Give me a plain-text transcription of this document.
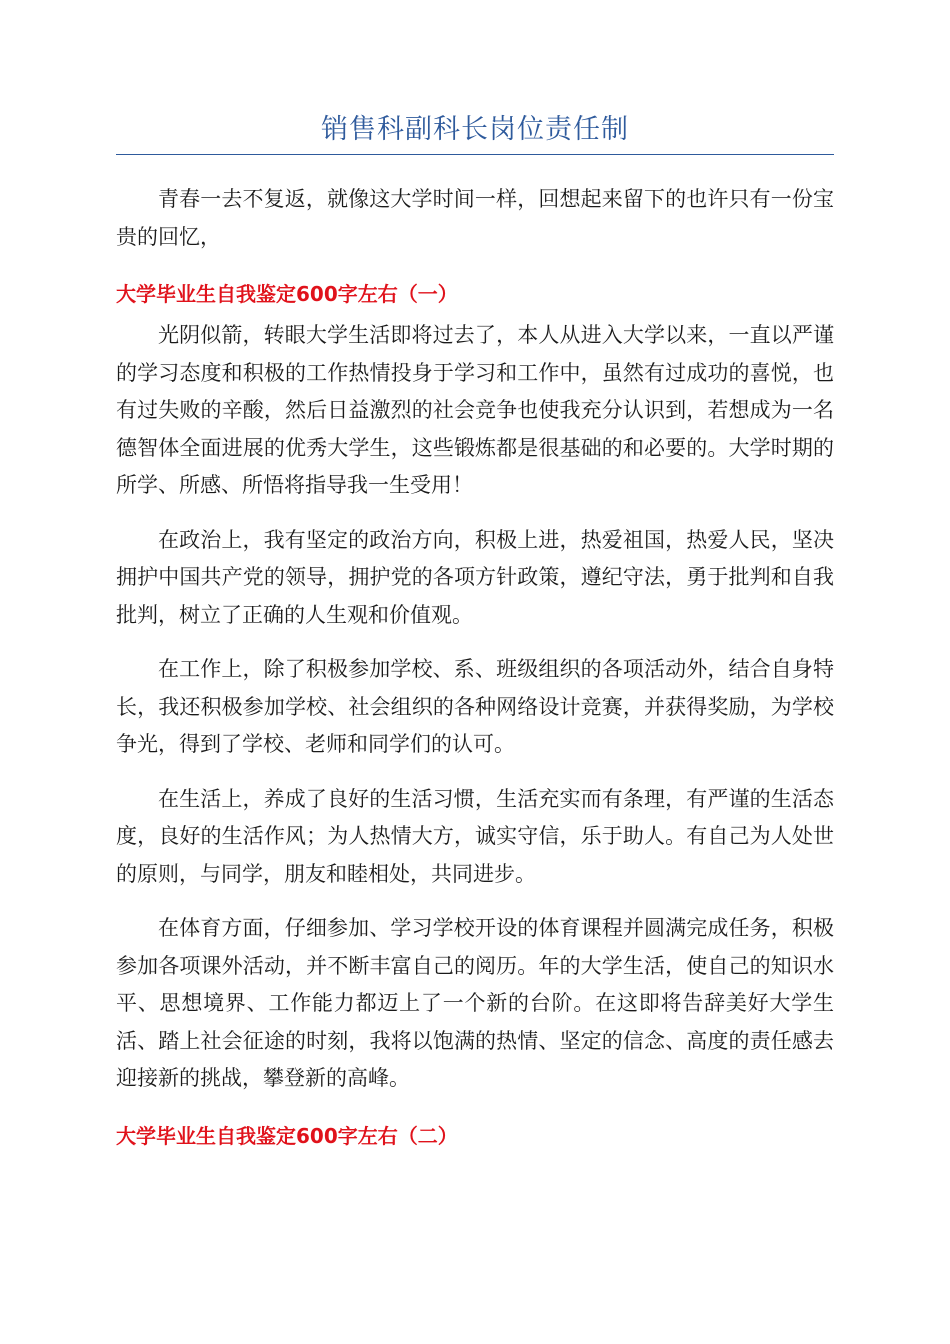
销售科副科长岗位责任制

青春一去不复返，就像这大学时间一样，回想起来留下的也许只有一份宝贵的回忆，

大学毕业生自我鉴定600字左右（一）

光阴似箭，转眼大学生活即将过去了，本人从进入大学以来，一直以严谨的学习态度和积极的工作热情投身于学习和工作中，虽然有过成功的喜悦，也有过失败的辛酸，然后日益激烈的社会竞争也使我充分认识到，若想成为一名德智体全面进展的优秀大学生，这些锻炼都是很基础的和必要的。大学时期的所学、所感、所悟将指导我一生受用！

在政治上，我有坚定的政治方向，积极上进，热爱祖国，热爱人民，坚决拥护中国共产党的领导，拥护党的各项方针政策，遵纪守法，勇于批判和自我批判，树立了正确的人生观和价值观。

在工作上，除了积极参加学校、系、班级组织的各项活动外，结合自身特长，我还积极参加学校、社会组织的各种网络设计竞赛，并获得奖励，为学校争光，得到了学校、老师和同学们的认可。

在生活上，养成了良好的生活习惯，生活充实而有条理，有严谨的生活态度，良好的生活作风；为人热情大方，诚实守信，乐于助人。有自己为人处世的原则，与同学，朋友和睦相处，共同进步。

在体育方面，仔细参加、学习学校开设的体育课程并圆满完成任务，积极参加各项课外活动，并不断丰富自己的阅历。年的大学生活，使自己的知识水平、思想境界、工作能力都迈上了一个新的台阶。在这即将告辞美好大学生活、踏上社会征途的时刻，我将以饱满的热情、坚定的信念、高度的责任感去迎接新的挑战，攀登新的高峰。

大学毕业生自我鉴定600字左右（二）
